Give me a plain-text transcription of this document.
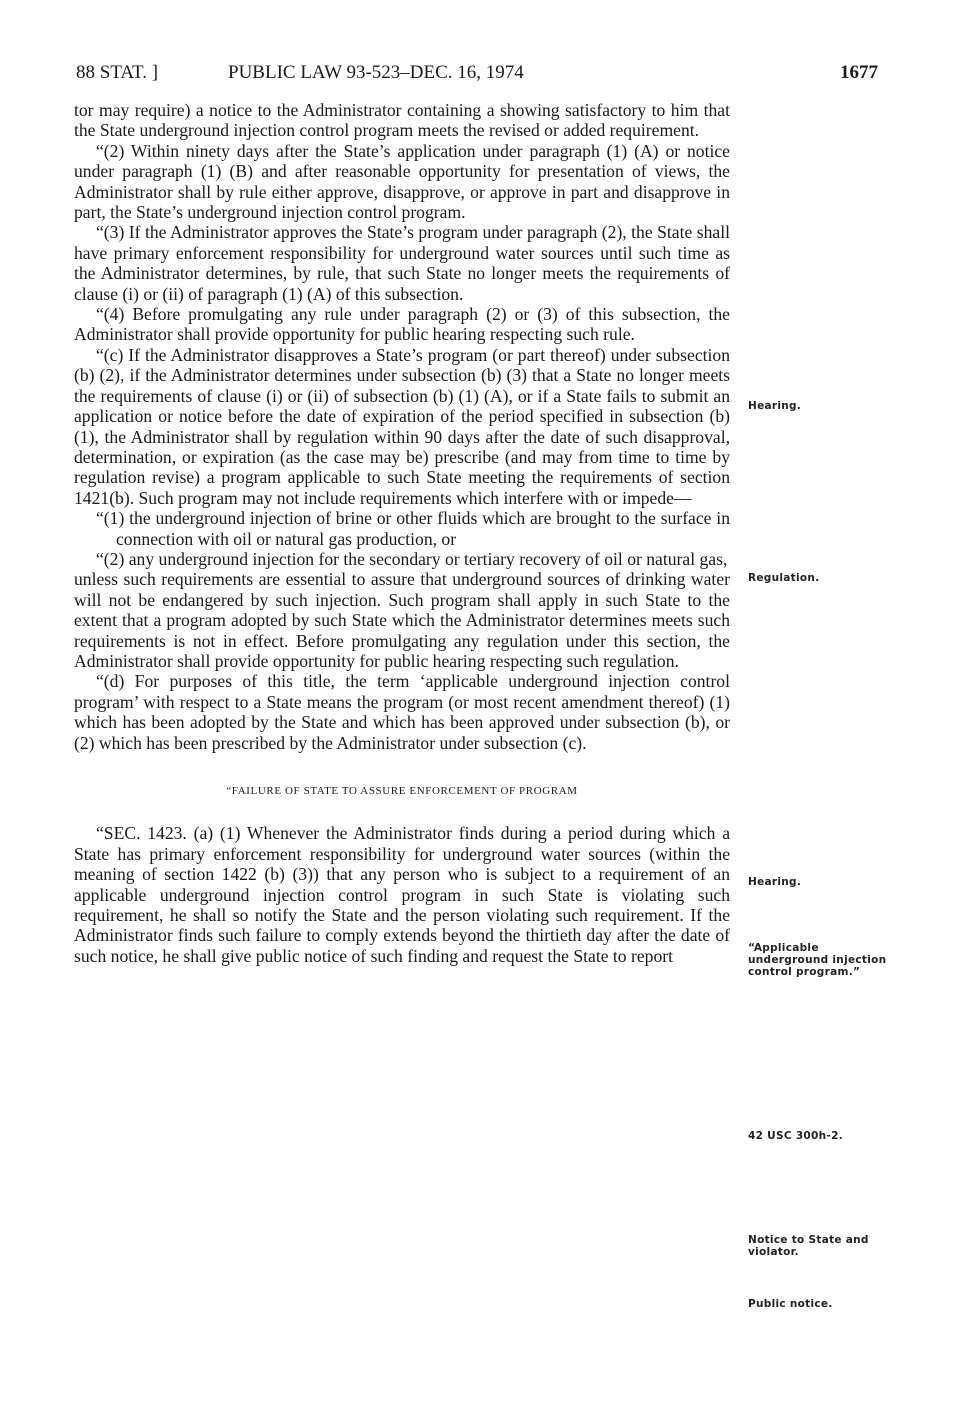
88 STAT. ]	PUBLIC LAW 93-523–DEC. 16, 1974	1677

tor may require) a notice to the Administrator containing a showing satisfactory to him that the State underground injection control program meets the revised or added requirement.

“(2) Within ninety days after the State’s application under paragraph (1) (A) or notice under paragraph (1) (B) and after reasonable opportunity for presentation of views, the Administrator shall by rule either approve, disapprove, or approve in part and disapprove in part, the State’s underground injection control program.

“(3) If the Administrator approves the State’s program under paragraph (2), the State shall have primary enforcement responsibility for underground water sources until such time as the Administrator determines, by rule, that such State no longer meets the requirements of clause (i) or (ii) of paragraph (1) (A) of this subsection.

“(4) Before promulgating any rule under paragraph (2) or (3) of this subsection, the Administrator shall provide opportunity for public hearing respecting such rule.

“(c) If the Administrator disapproves a State’s program (or part thereof) under subsection (b) (2), if the Administrator determines under subsection (b) (3) that a State no longer meets the requirements of clause (i) or (ii) of subsection (b) (1) (A), or if a State fails to submit an application or notice before the date of expiration of the period specified in subsection (b) (1), the Administrator shall by regulation within 90 days after the date of such disapproval, determination, or expiration (as the case may be) prescribe (and may from time to time by regulation revise) a program applicable to such State meeting the requirements of section 1421(b). Such program may not include requirements which interfere with or impede—

“(1) the underground injection of brine or other fluids which are brought to the surface in connection with oil or natural gas production, or

“(2) any underground injection for the secondary or tertiary recovery of oil or natural gas,

unless such requirements are essential to assure that underground sources of drinking water will not be endangered by such injection. Such program shall apply in such State to the extent that a program adopted by such State which the Administrator determines meets such requirements is not in effect. Before promulgating any regulation under this section, the Administrator shall provide opportunity for public hearing respecting such regulation.

“(d) For purposes of this title, the term ‘applicable underground injection control program’ with respect to a State means the program (or most recent amendment thereof) (1) which has been adopted by the State and which has been approved under subsection (b), or (2) which has been prescribed by the Administrator under subsection (c).

“FAILURE OF STATE TO ASSURE ENFORCEMENT OF PROGRAM

“SEC. 1423. (a) (1) Whenever the Administrator finds during a period during which a State has primary enforcement responsibility for underground water sources (within the meaning of section 1422 (b) (3)) that any person who is subject to a requirement of an applicable underground injection control program in such State is violating such requirement, he shall so notify the State and the person violating such requirement. If the Administrator finds such failure to comply extends beyond the thirtieth day after the date of such notice, he shall give public notice of such finding and request the State to report

Hearing.
Regulation.
Hearing.
“Applicable underground injection control program.”
42 USC 300h-2.
Notice to State and violator.
Public notice.
